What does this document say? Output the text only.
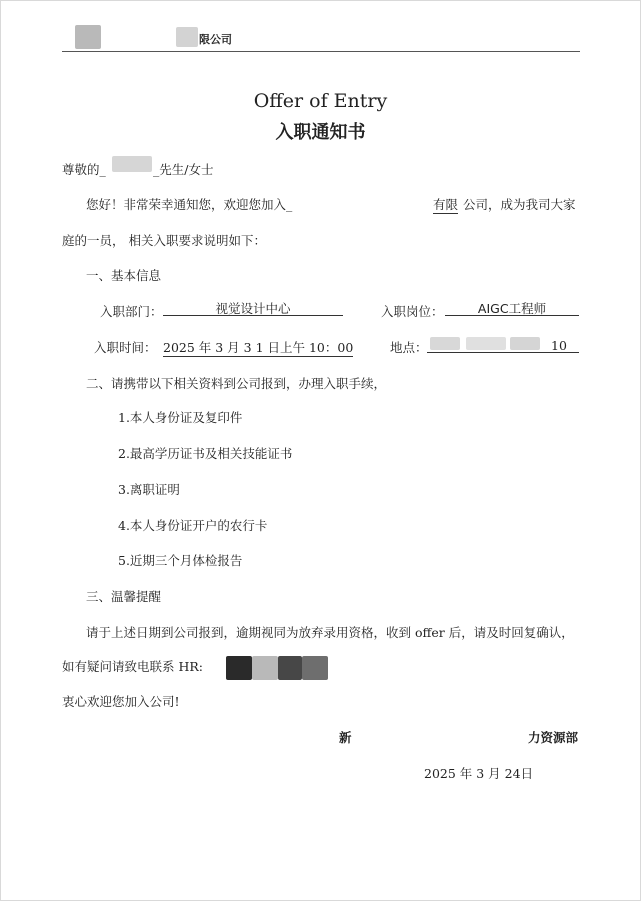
限公司
Offer of Entry
入职通知书
尊敬的_	_先生/女士
您好！非常荣幸通知您，欢迎您加入_	有限 公司，成为我司大家
庭的一员， 相关入职要求说明如下：
一、基本信息
入职部门：	视觉设计中心	入职岗位：	AIGC工程师
入职时间： 2025 年 3 月 3 1 日上午 10：00	地点：	10
二、请携带以下相关资料到公司报到，办理入职手续，
1.本人身份证及复印件
2.最高学历证书及相关技能证书
3.离职证明
4.本人身份证开户的农行卡
5.近期三个月体检报告
三、温馨提醒
请于上述日期到公司报到，逾期视同为放弃录用资格，收到 offer 后，请及时回复确认，
如有疑问请致电联系 HR:
衷心欢迎您加入公司!
新	力资源部
2025 年 3 月 24日
